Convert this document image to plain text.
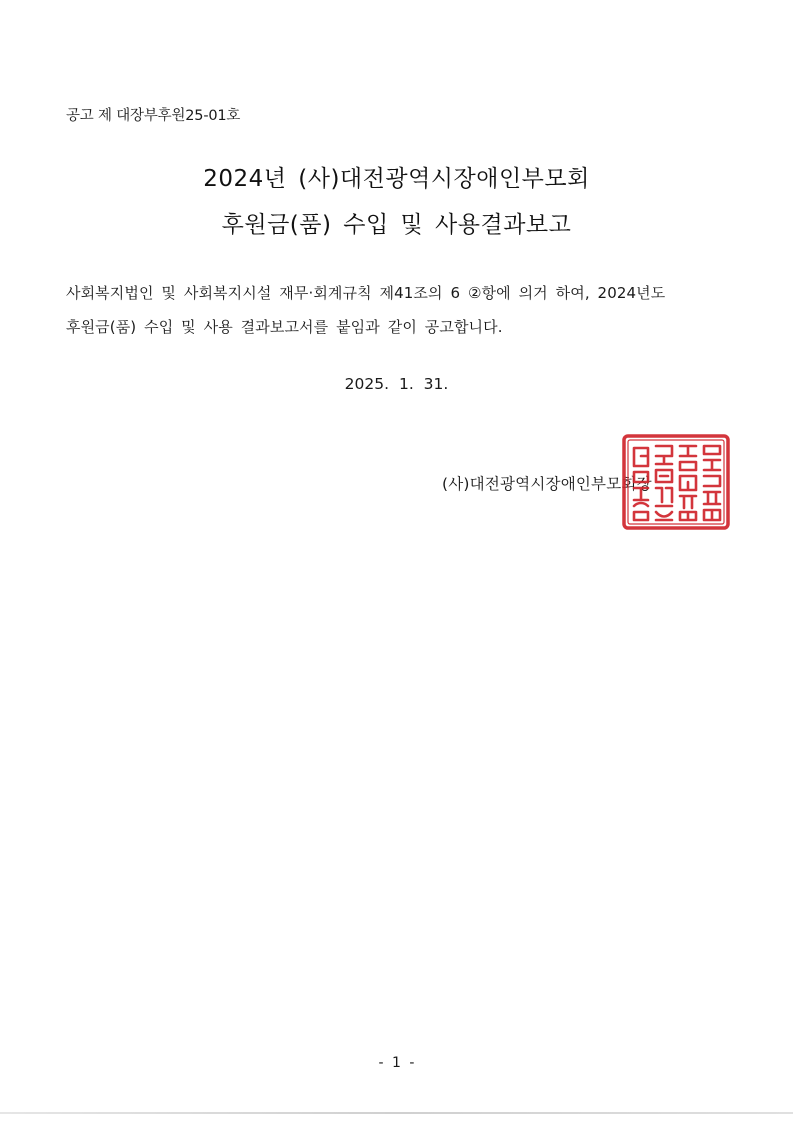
공고 제 대장부후원25-01호
2024년 (사)대전광역시장애인부모회
후원금(품) 수입 및 사용결과보고
사회복지법인 및 사회복지시설 재무·회계규칙 제41조의 6 ②항에 의거 하여, 2024년도
후원금(품) 수입 및 사용 결과보고서를 붙임과 같이 공고합니다.
2025. 1. 31.
(사)대전광역시장애인부모회장
- 1 -
